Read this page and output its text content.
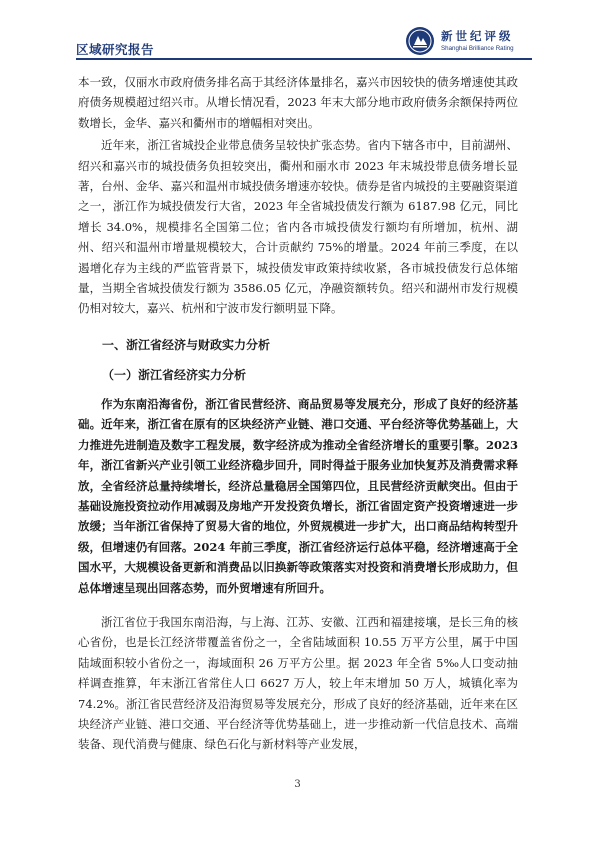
区域研究报告
新世纪评级
Shanghai Brilliance Rating

本一致，仅丽水市政府债务排名高于其经济体量排名，嘉兴市因较快的债务增速使其政府债务规模超过绍兴市。从增长情况看，2023 年末大部分地市政府债务余额保持两位数增长，金华、嘉兴和衢州市的增幅相对突出。

近年来，浙江省城投企业带息债务呈较快扩张态势。省内下辖各市中，目前湖州、绍兴和嘉兴市的城投债务负担较突出，衢州和丽水市 2023 年末城投带息债务增长显著，台州、金华、嘉兴和温州市城投债务增速亦较快。债券是省内城投的主要融资渠道之一，浙江作为城投债发行大省，2023 年全省城投债发行额为 6187.98 亿元，同比增长 34.0%，规模排名全国第二位；省内各市城投债发行额均有所增加，杭州、湖州、绍兴和温州市增量规模较大，合计贡献约 75%的增量。2024 年前三季度，在以遏增化存为主线的严监管背景下，城投债发审政策持续收紧，各市城投债发行总体缩量，当期全省城投债发行额为 3586.05 亿元，净融资额转负。绍兴和湖州市发行规模仍相对较大，嘉兴、杭州和宁波市发行额明显下降。

一、浙江省经济与财政实力分析
（一）浙江省经济实力分析

作为东南沿海省份，浙江省民营经济、商品贸易等发展充分，形成了良好的经济基础。近年来，浙江省在原有的区块经济产业链、港口交通、平台经济等优势基础上，大力推进先进制造及数字工程发展，数字经济成为推动全省经济增长的重要引擎。2023 年，浙江省新兴产业引领工业经济稳步回升，同时得益于服务业加快复苏及消费需求释放，全省经济总量持续增长，经济总量稳居全国第四位，且民营经济贡献突出。但由于基础设施投资拉动作用减弱及房地产开发投资负增长，浙江省固定资产投资增速进一步放缓；当年浙江省保持了贸易大省的地位，外贸规模进一步扩大，出口商品结构转型升级，但增速仍有回落。2024 年前三季度，浙江省经济运行总体平稳，经济增速高于全国水平，大规模设备更新和消费品以旧换新等政策落实对投资和消费增长形成助力，但总体增速呈现出回落态势，而外贸增速有所回升。

浙江省位于我国东南沿海，与上海、江苏、安徽、江西和福建接壤，是长三角的核心省份，也是长江经济带覆盖省份之一，全省陆域面积 10.55 万平方公里，属于中国陆域面积较小省份之一，海域面积 26 万平方公里。据 2023 年全省 5‰人口变动抽样调查推算，年末浙江省常住人口 6627 万人，较上年末增加 50 万人，城镇化率为 74.2%。浙江省民营经济及沿海贸易等发展充分，形成了良好的经济基础，近年来在区块经济产业链、港口交通、平台经济等优势基础上，进一步推动新一代信息技术、高端装备、现代消费与健康、绿色石化与新材料等产业发展，

3
